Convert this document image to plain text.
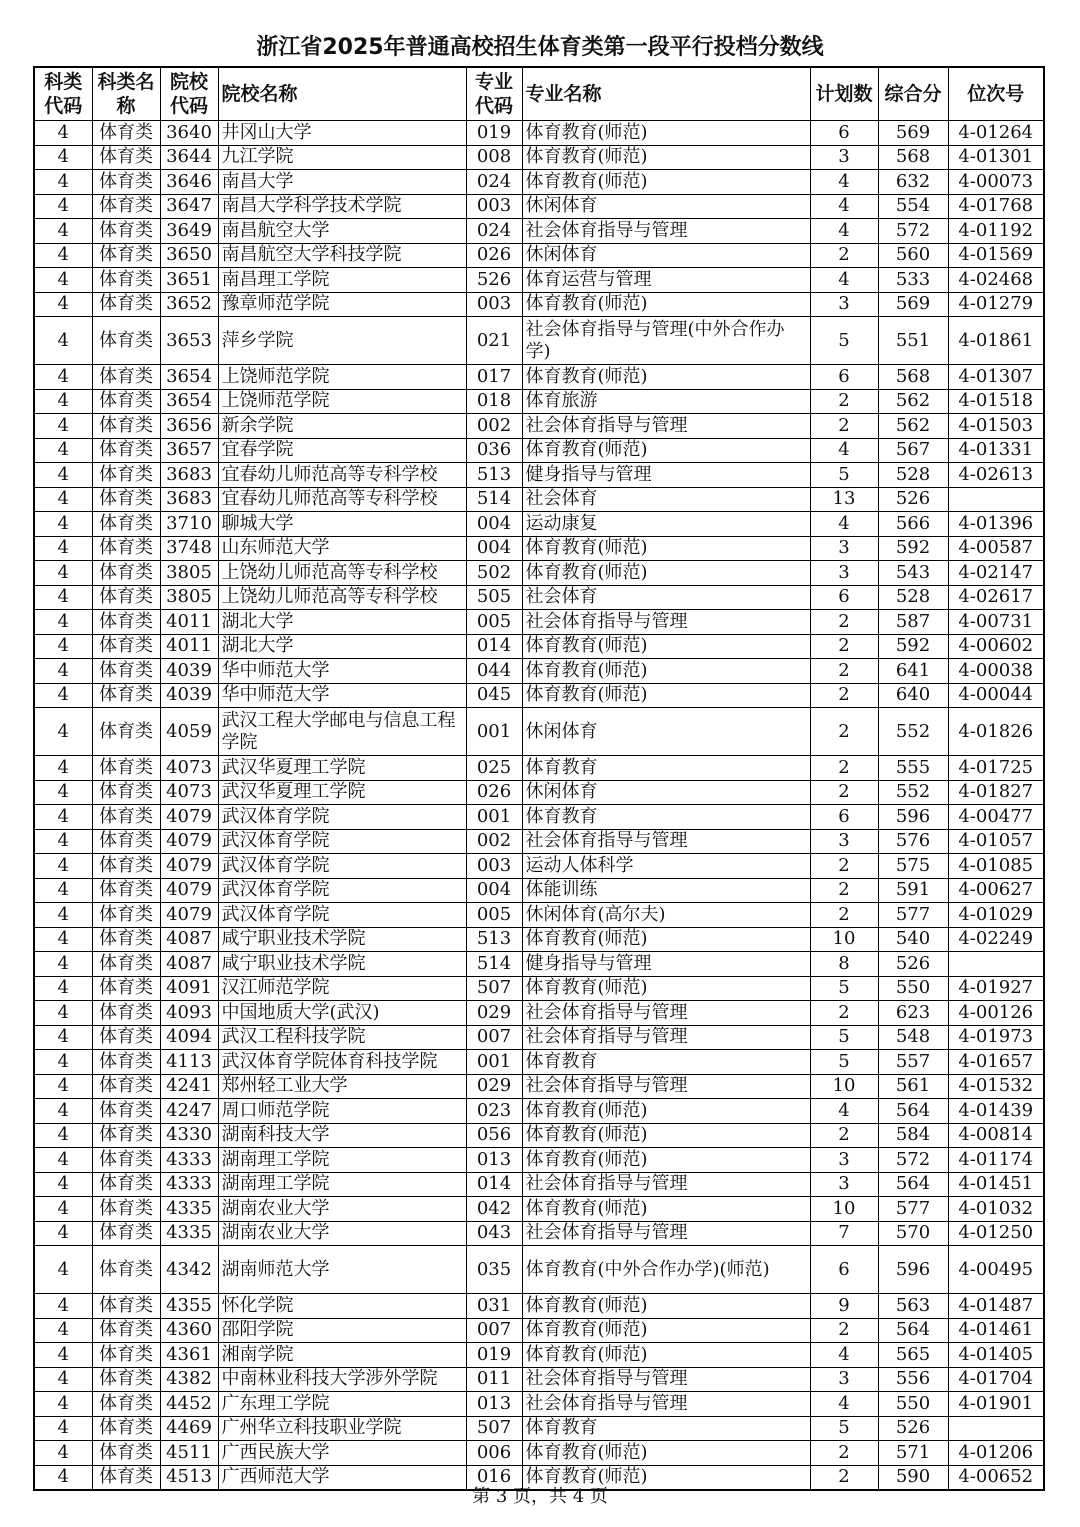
浙江省2025年普通高校招生体育类第一段平行投档分数线
科类代码	科类名称	院校代码	院校名称	专业代码	专业名称	计划数	综合分	位次号
4	体育类	3640	井冈山大学	019	体育教育(师范)	6	569	4-01264
4	体育类	3644	九江学院	008	体育教育(师范)	3	568	4-01301
4	体育类	3646	南昌大学	024	体育教育(师范)	4	632	4-00073
4	体育类	3647	南昌大学科学技术学院	003	休闲体育	4	554	4-01768
4	体育类	3649	南昌航空大学	024	社会体育指导与管理	4	572	4-01192
4	体育类	3650	南昌航空大学科技学院	026	休闲体育	2	560	4-01569
4	体育类	3651	南昌理工学院	526	体育运营与管理	4	533	4-02468
4	体育类	3652	豫章师范学院	003	体育教育(师范)	3	569	4-01279
4	体育类	3653	萍乡学院	021	社会体育指导与管理(中外合作办学)	5	551	4-01861
4	体育类	3654	上饶师范学院	017	体育教育(师范)	6	568	4-01307
4	体育类	3654	上饶师范学院	018	体育旅游	2	562	4-01518
4	体育类	3656	新余学院	002	社会体育指导与管理	2	562	4-01503
4	体育类	3657	宜春学院	036	体育教育(师范)	4	567	4-01331
4	体育类	3683	宜春幼儿师范高等专科学校	513	健身指导与管理	5	528	4-02613
4	体育类	3683	宜春幼儿师范高等专科学校	514	社会体育	13	526	
4	体育类	3710	聊城大学	004	运动康复	4	566	4-01396
4	体育类	3748	山东师范大学	004	体育教育(师范)	3	592	4-00587
4	体育类	3805	上饶幼儿师范高等专科学校	502	体育教育(师范)	3	543	4-02147
4	体育类	3805	上饶幼儿师范高等专科学校	505	社会体育	6	528	4-02617
4	体育类	4011	湖北大学	005	社会体育指导与管理	2	587	4-00731
4	体育类	4011	湖北大学	014	体育教育(师范)	2	592	4-00602
4	体育类	4039	华中师范大学	044	体育教育(师范)	2	641	4-00038
4	体育类	4039	华中师范大学	045	体育教育(师范)	2	640	4-00044
4	体育类	4059	武汉工程大学邮电与信息工程学院	001	休闲体育	2	552	4-01826
4	体育类	4073	武汉华夏理工学院	025	体育教育	2	555	4-01725
4	体育类	4073	武汉华夏理工学院	026	休闲体育	2	552	4-01827
4	体育类	4079	武汉体育学院	001	体育教育	6	596	4-00477
4	体育类	4079	武汉体育学院	002	社会体育指导与管理	3	576	4-01057
4	体育类	4079	武汉体育学院	003	运动人体科学	2	575	4-01085
4	体育类	4079	武汉体育学院	004	体能训练	2	591	4-00627
4	体育类	4079	武汉体育学院	005	休闲体育(高尔夫)	2	577	4-01029
4	体育类	4087	咸宁职业技术学院	513	体育教育(师范)	10	540	4-02249
4	体育类	4087	咸宁职业技术学院	514	健身指导与管理	8	526	
4	体育类	4091	汉江师范学院	507	体育教育(师范)	5	550	4-01927
4	体育类	4093	中国地质大学(武汉)	029	社会体育指导与管理	2	623	4-00126
4	体育类	4094	武汉工程科技学院	007	社会体育指导与管理	5	548	4-01973
4	体育类	4113	武汉体育学院体育科技学院	001	体育教育	5	557	4-01657
4	体育类	4241	郑州轻工业大学	029	社会体育指导与管理	10	561	4-01532
4	体育类	4247	周口师范学院	023	体育教育(师范)	4	564	4-01439
4	体育类	4330	湖南科技大学	056	体育教育(师范)	2	584	4-00814
4	体育类	4333	湖南理工学院	013	体育教育(师范)	3	572	4-01174
4	体育类	4333	湖南理工学院	014	社会体育指导与管理	3	564	4-01451
4	体育类	4335	湖南农业大学	042	体育教育(师范)	10	577	4-01032
4	体育类	4335	湖南农业大学	043	社会体育指导与管理	7	570	4-01250
4	体育类	4342	湖南师范大学	035	体育教育(中外合作办学)(师范)	6	596	4-00495
4	体育类	4355	怀化学院	031	体育教育(师范)	9	563	4-01487
4	体育类	4360	邵阳学院	007	体育教育(师范)	2	564	4-01461
4	体育类	4361	湘南学院	019	体育教育(师范)	4	565	4-01405
4	体育类	4382	中南林业科技大学涉外学院	011	社会体育指导与管理	3	556	4-01704
4	体育类	4452	广东理工学院	013	社会体育指导与管理	4	550	4-01901
4	体育类	4469	广州华立科技职业学院	507	体育教育	5	526	
4	体育类	4511	广西民族大学	006	体育教育(师范)	2	571	4-01206
4	体育类	4513	广西师范大学	016	体育教育(师范)	2	590	4-00652
第 3 页，共 4 页
